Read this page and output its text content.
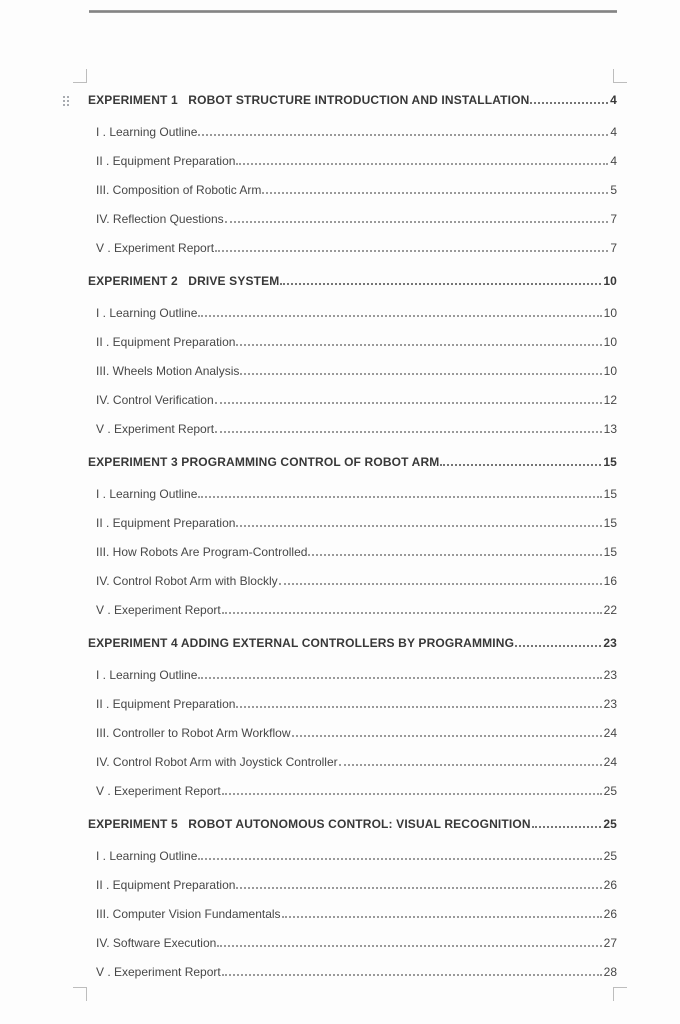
EXPERIMENT 1   ROBOT STRUCTURE INTRODUCTION AND INSTALLATION	4
I . Learning Outline	4
II . Equipment Preparation	4
III. Composition of Robotic Arm	5
IV. Reflection Questions	7
V . Experiment Report	7
EXPERIMENT 2   DRIVE SYSTEM	10
I . Learning Outline	10
II . Equipment Preparation	10
III. Wheels Motion Analysis	10
IV. Control Verification	12
V . Experiment Report	13
EXPERIMENT 3 PROGRAMMING CONTROL OF ROBOT ARM	15
I . Learning Outline	15
II . Equipment Preparation	15
III. How Robots Are Program-Controlled	15
IV. Control Robot Arm with Blockly	16
V . Exeperiment Report	22
EXPERIMENT 4 ADDING EXTERNAL CONTROLLERS BY PROGRAMMING	23
I . Learning Outline	23
II . Equipment Preparation	23
III. Controller to Robot Arm Workflow	24
IV. Control Robot Arm with Joystick Controller	24
V . Exeperiment Report	25
EXPERIMENT 5   ROBOT AUTONOMOUS CONTROL: VISUAL RECOGNITION	25
I . Learning Outline	25
II . Equipment Preparation	26
III. Computer Vision Fundamentals	26
IV. Software Execution	27
V . Exeperiment Report	28
